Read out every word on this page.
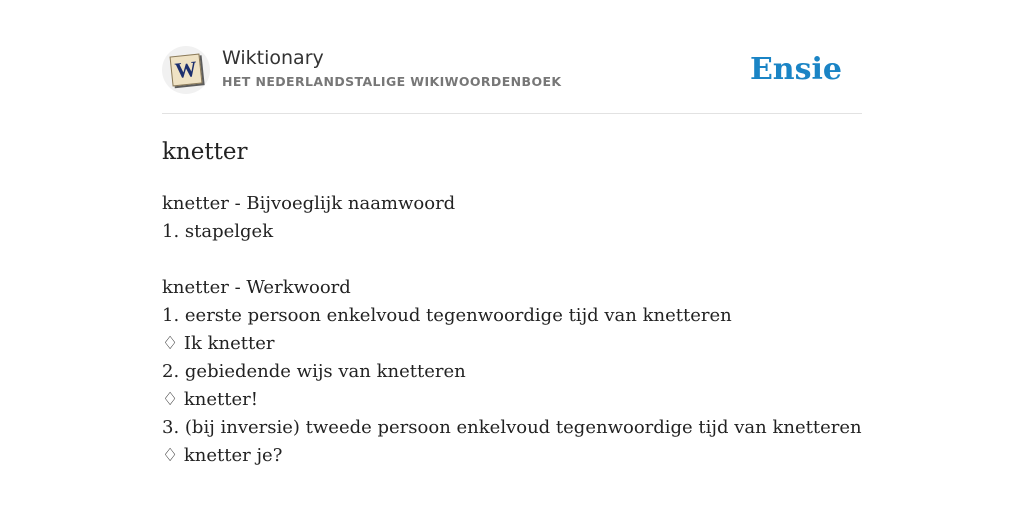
W Wiktionary
HET NEDERLANDSTALIGE WIKIWOORDENBOEK	Ensie
knetter
knetter - Bijvoeglijk naamwoord
1. stapelgek
knetter - Werkwoord
1. eerste persoon enkelvoud tegenwoordige tijd van knetteren
♢ Ik knetter
2. gebiedende wijs van knetteren
♢ knetter!
3. (bij inversie) tweede persoon enkelvoud tegenwoordige tijd van knetteren
♢ knetter je?
